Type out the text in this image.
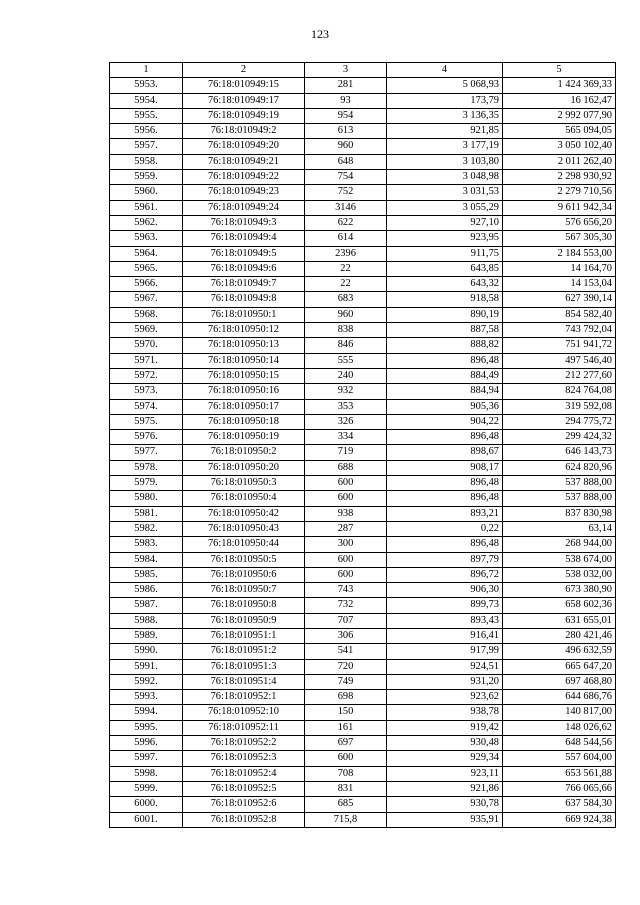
123
1	2	3	4	5
5953.	76:18:010949:15	281	5 068,93	1 424 369,33
5954.	76:18:010949:17	93	173,79	16 162,47
5955.	76:18:010949:19	954	3 136,35	2 992 077,90
5956.	76:18:010949:2	613	921,85	565 094,05
5957.	76:18:010949:20	960	3 177,19	3 050 102,40
5958.	76:18:010949:21	648	3 103,80	2 011 262,40
5959.	76:18:010949:22	754	3 048,98	2 298 930,92
5960.	76:18:010949:23	752	3 031,53	2 279 710,56
5961.	76:18:010949:24	3146	3 055,29	9 611 942,34
5962.	76:18:010949:3	622	927,10	576 656,20
5963.	76:18:010949:4	614	923,95	567 305,30
5964.	76:18:010949:5	2396	911,75	2 184 553,00
5965.	76:18:010949:6	22	643,85	14 164,70
5966.	76:18:010949:7	22	643,32	14 153,04
5967.	76:18:010949:8	683	918,58	627 390,14
5968.	76:18:010950:1	960	890,19	854 582,40
5969.	76:18:010950:12	838	887,58	743 792,04
5970.	76:18:010950:13	846	888,82	751 941,72
5971.	76:18:010950:14	555	896,48	497 546,40
5972.	76:18:010950:15	240	884,49	212 277,60
5973.	76:18:010950:16	932	884,94	824 764,08
5974.	76:18:010950:17	353	905,36	319 592,08
5975.	76:18:010950:18	326	904,22	294 775,72
5976.	76:18:010950:19	334	896,48	299 424,32
5977.	76:18:010950:2	719	898,67	646 143,73
5978.	76:18:010950:20	688	908,17	624 820,96
5979.	76:18:010950:3	600	896,48	537 888,00
5980.	76:18:010950:4	600	896,48	537 888,00
5981.	76:18:010950:42	938	893,21	837 830,98
5982.	76:18:010950:43	287	0,22	63,14
5983.	76:18:010950:44	300	896,48	268 944,00
5984.	76:18:010950:5	600	897,79	538 674,00
5985.	76:18:010950:6	600	896,72	538 032,00
5986.	76:18:010950:7	743	906,30	673 380,90
5987.	76:18:010950:8	732	899,73	658 602,36
5988.	76:18:010950:9	707	893,43	631 655,01
5989.	76:18:010951:1	306	916,41	280 421,46
5990.	76:18:010951:2	541	917,99	496 632,59
5991.	76:18:010951:3	720	924,51	665 647,20
5992.	76:18:010951:4	749	931,20	697 468,80
5993.	76:18:010952:1	698	923,62	644 686,76
5994.	76:18:010952:10	150	938,78	140 817,00
5995.	76:18:010952:11	161	919,42	148 026,62
5996.	76:18:010952:2	697	930,48	648 544,56
5997.	76:18:010952:3	600	929,34	557 604,00
5998.	76:18:010952:4	708	923,11	653 561,88
5999.	76:18:010952:5	831	921,86	766 065,66
6000.	76:18:010952:6	685	930,78	637 584,30
6001.	76:18:010952:8	715,8	935,91	669 924,38
